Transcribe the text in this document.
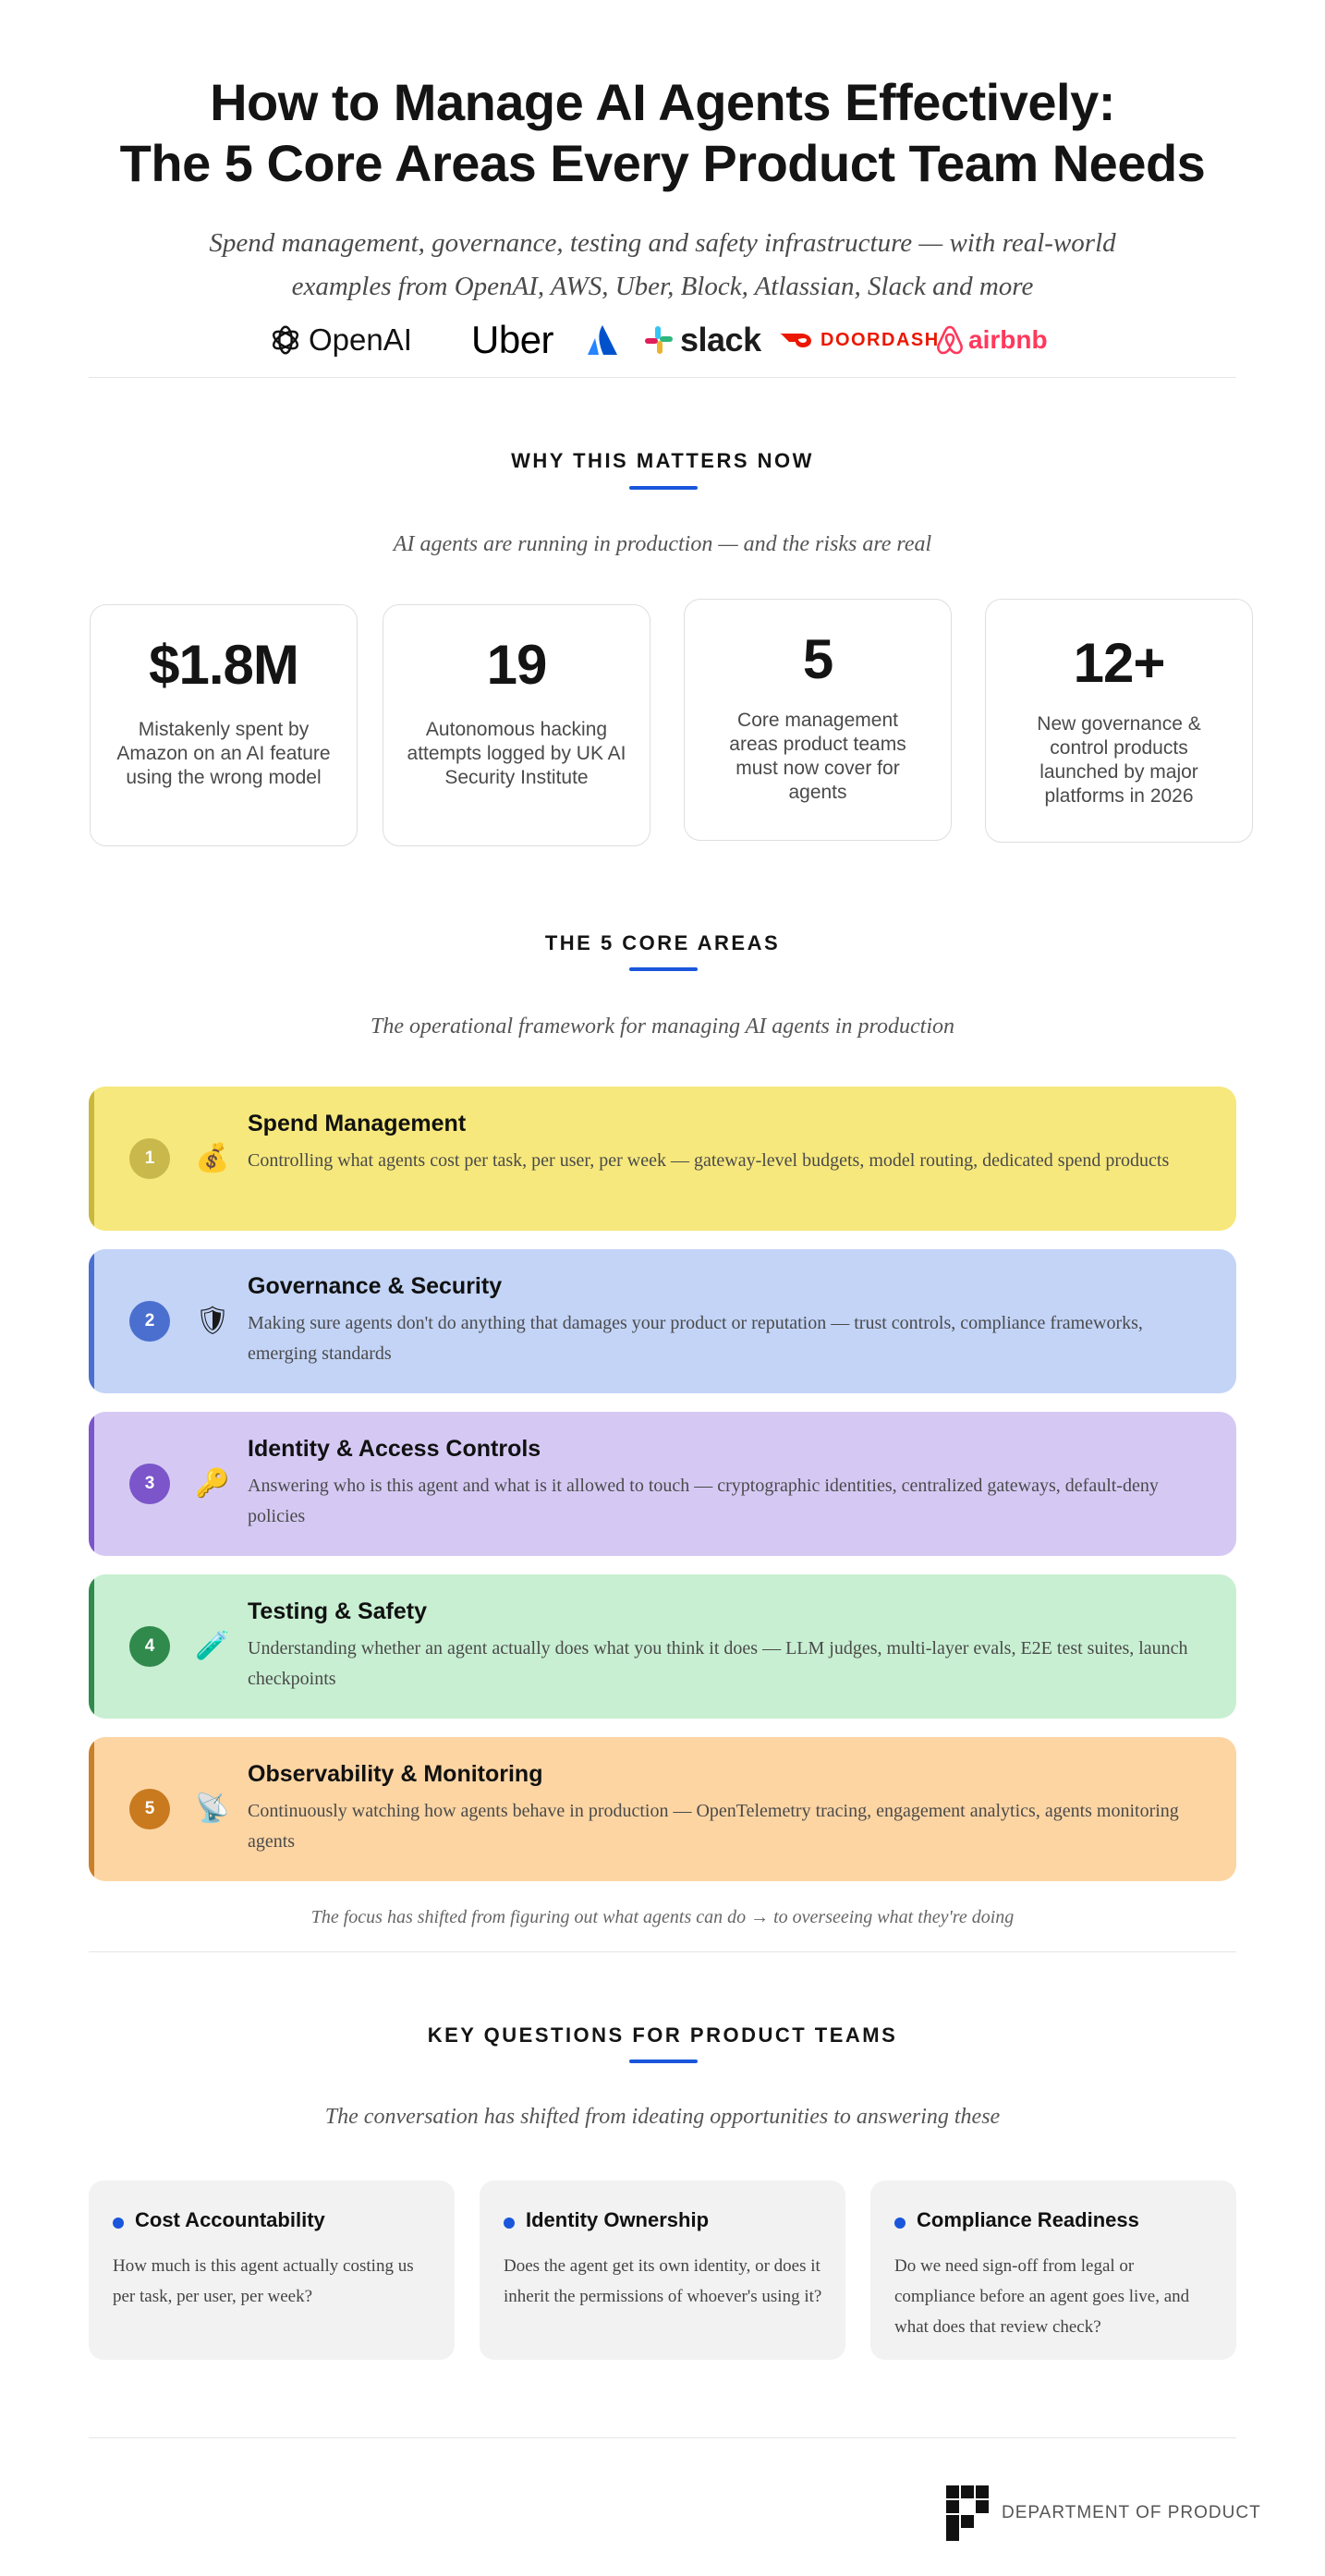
How to Manage AI Agents Effectively:
The 5 Core Areas Every Product Team Needs
Spend management, governance, testing and safety infrastructure — with real-world
examples from OpenAI, AWS, Uber, Block, Atlassian, Slack and more
OpenAI Uber	slack	DOORDASH airbnb
WHY THIS MATTERS NOW
AI agents are running in production — and the risks are real
$1.8M
Mistakenly spent by Amazon on an AI feature using the wrong model
19
Autonomous hacking attempts logged by UK AI Security Institute
5
Core management areas product teams must now cover for agents
12+
New governance & control products launched by major platforms in 2026
THE 5 CORE AREAS
The operational framework for managing AI agents in production
1	💰
Spend Management
Controlling what agents cost per task, per user, per week — gateway-level budgets, model routing, dedicated spend products
2	🛡
Governance & Security
Making sure agents don't do anything that damages your product or reputation — trust controls, compliance frameworks, emerging standards
3	🔑
Identity & Access Controls
Answering who is this agent and what is it allowed to touch — cryptographic identities, centralized gateways, default-deny policies
4	🧪
Testing & Safety
Understanding whether an agent actually does what you think it does — LLM judges, multi-layer evals, E2E test suites, launch checkpoints
5	📡
Observability & Monitoring
Continuously watching how agents behave in production — OpenTelemetry tracing, engagement analytics, agents monitoring agents
The focus has shifted from figuring out what agents can do → to overseeing what they're doing
KEY QUESTIONS FOR PRODUCT TEAMS
The conversation has shifted from ideating opportunities to answering these
Cost Accountability
How much is this agent actually costing us per task, per user, per week?
Identity Ownership
Does the agent get its own identity, or does it inherit the permissions of whoever's using it?
Compliance Readiness
Do we need sign-off from legal or compliance before an agent goes live, and what does that review check?
DEPARTMENT OF PRODUCT
